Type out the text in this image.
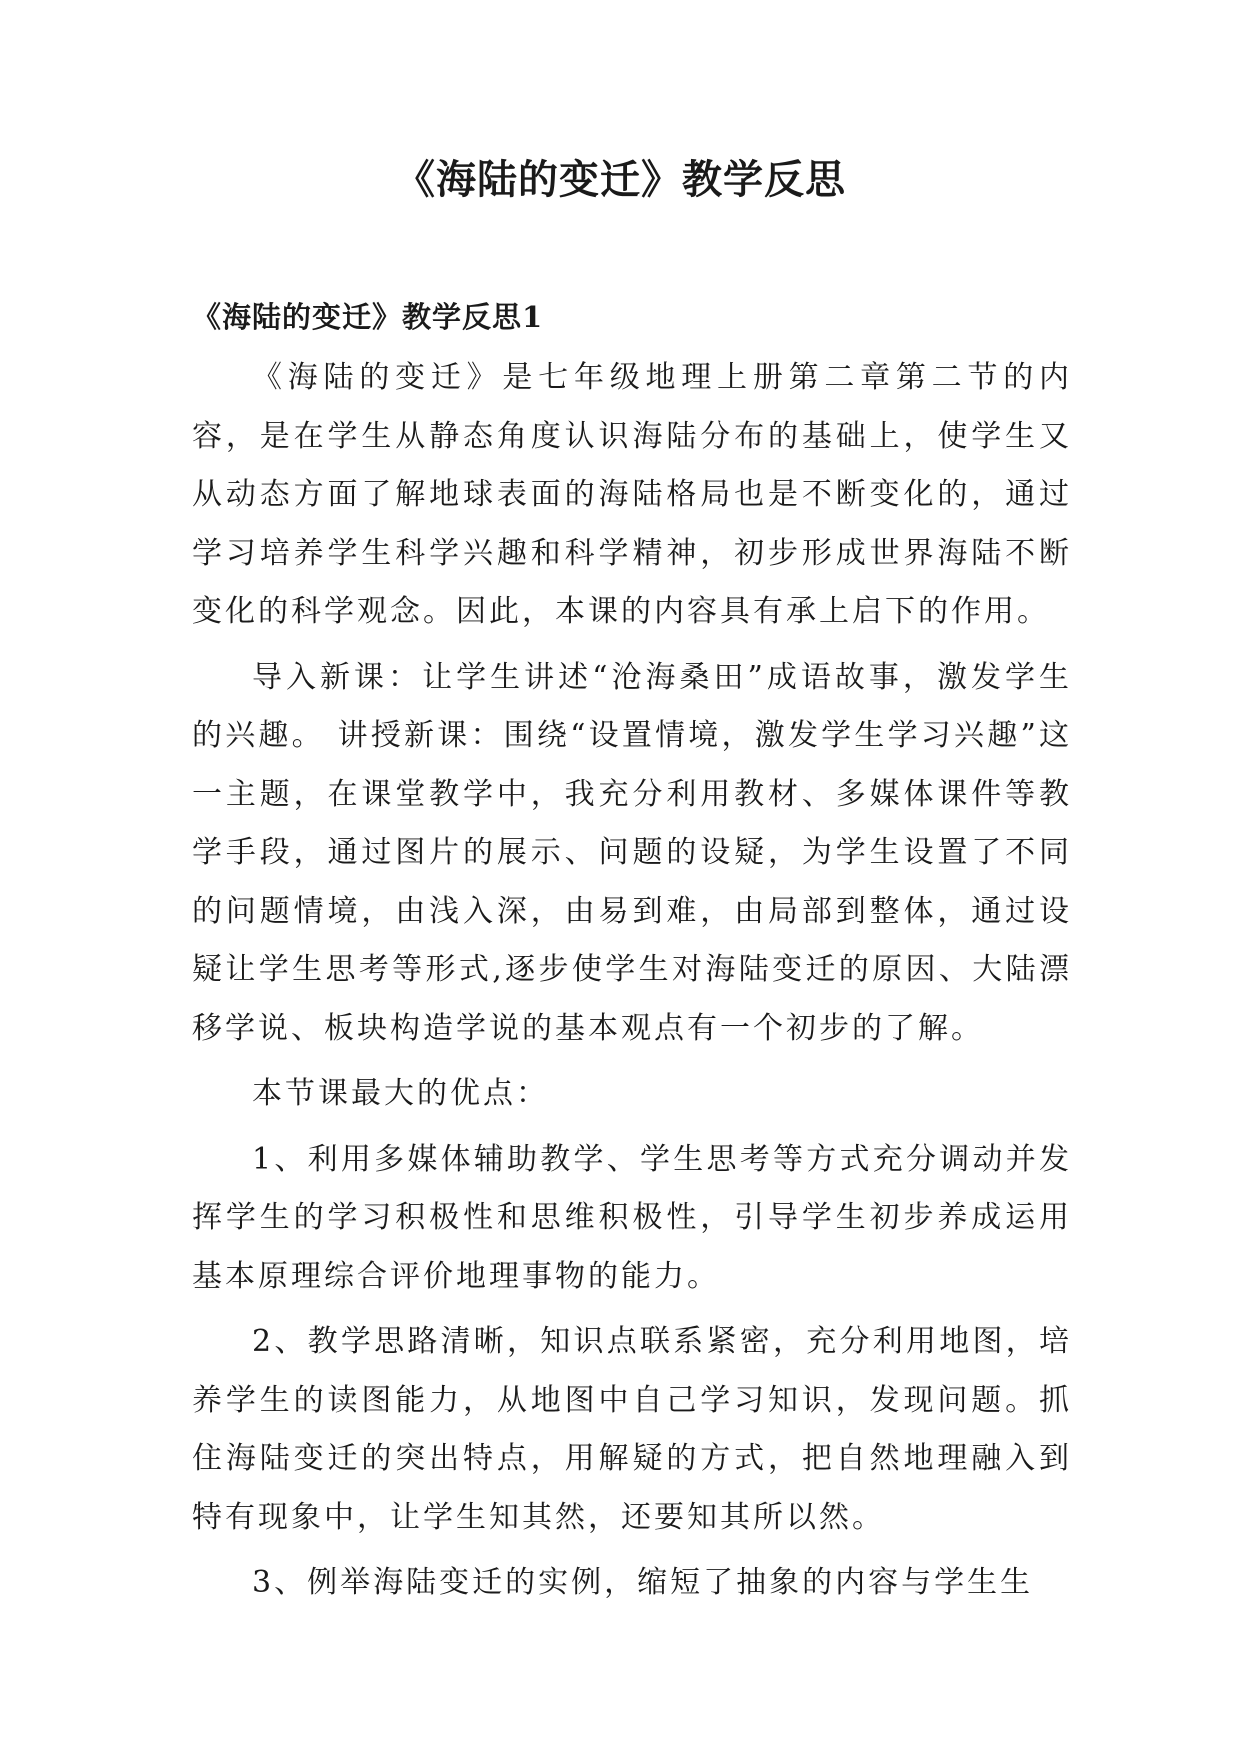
《海陆的变迁》教学反思
《海陆的变迁》教学反思1

《海陆的变迁》是七年级地理上册第二章第二节的内容，是在学生从静态角度认识海陆分布的基础上，使学生又从动态方面了解地球表面的海陆格局也是不断变化的，通过学习培养学生科学兴趣和科学精神，初步形成世界海陆不断变化的科学观念。因此，本课的内容具有承上启下的作用。

导入新课：让学生讲述“沧海桑田”成语故事，激发学生的兴趣。 讲授新课：围绕“设置情境，激发学生学习兴趣”这一主题，在课堂教学中，我充分利用教材、多媒体课件等教学手段，通过图片的展示、问题的设疑，为学生设置了不同的问题情境，由浅入深，由易到难，由局部到整体，通过设疑让学生思考等形式,逐步使学生对海陆变迁的原因、大陆漂移学说、板块构造学说的基本观点有一个初步的了解。

本节课最大的优点：

1、利用多媒体辅助教学、学生思考等方式充分调动并发挥学生的学习积极性和思维积极性，引导学生初步养成运用基本原理综合评价地理事物的能力。

2、教学思路清晰，知识点联系紧密，充分利用地图，培养学生的读图能力，从地图中自己学习知识，发现问题。抓住海陆变迁的突出特点，用解疑的方式，把自然地理融入到特有现象中，让学生知其然，还要知其所以然。

3、例举海陆变迁的实例，缩短了抽象的内容与学生生
